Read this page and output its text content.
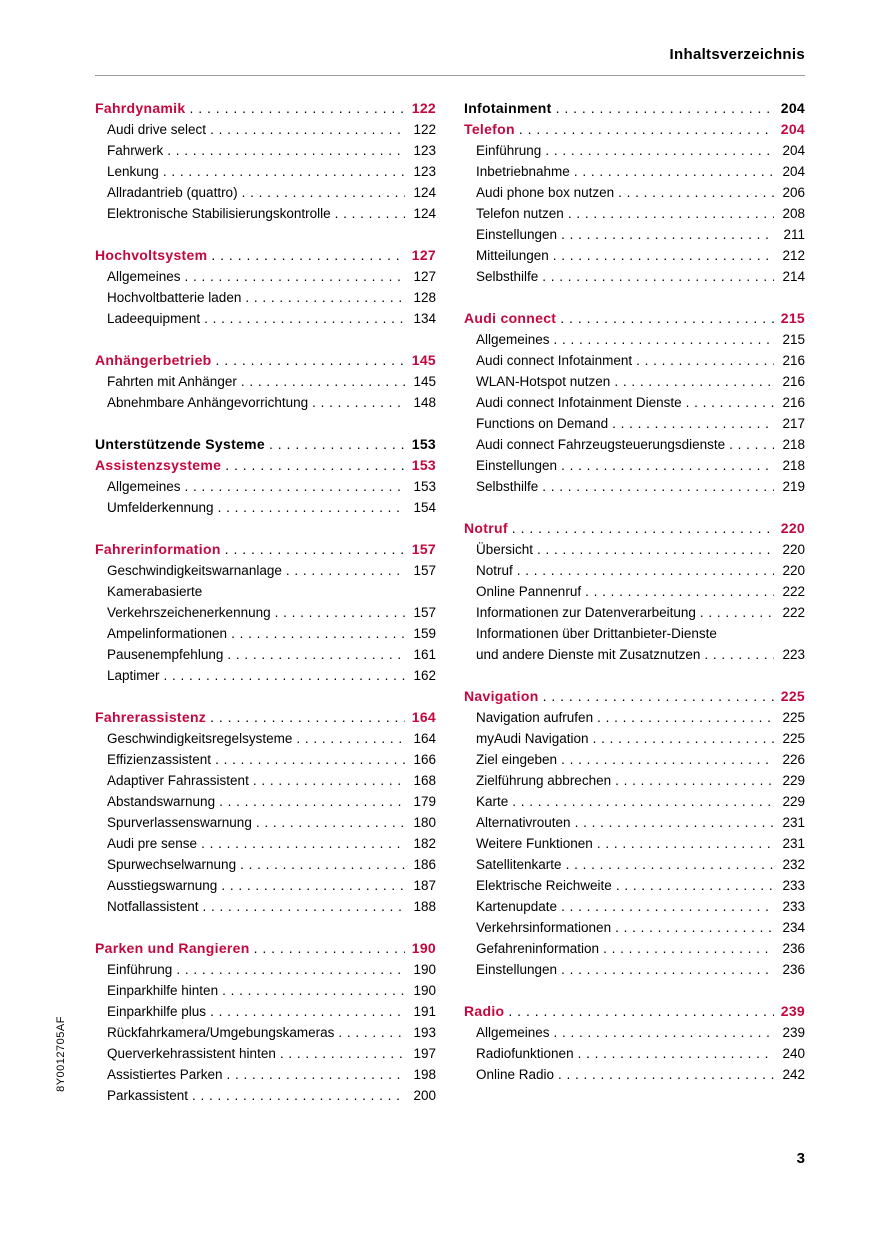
Inhaltsverzeichnis
Fahrdynamik . . .	122
Audi drive select . . .	122
Fahrwerk . . .	123
Lenkung . . .	123
Allradantrieb (quattro) . . .	124
Elektronische Stabilisierungskontrolle . . .	124
Hochvoltsystem . . .	127
Allgemeines . . .	127
Hochvoltbatterie laden . . .	128
Ladeequipment . . .	134
Anhängerbetrieb . . .	145
Fahrten mit Anhänger . . .	145
Abnehmbare Anhängevorrichtung . . .	148
Unterstützende Systeme . . .	153
Assistenzsysteme . . .	153
Allgemeines . . .	153
Umfelderkennung . . .	154
Fahrerinformation . . .	157
Geschwindigkeitswarnanlage . . .	157
Kamerabasierte
Verkehrszeichenerkennung . . .	157
Ampelinformationen . . .	159
Pausenempfehlung . . .	161
Laptimer . . .	162
Fahrerassistenz . . .	164
Geschwindigkeitsregelsysteme . . .	164
Effizienzassistent . . .	166
Adaptiver Fahrassistent . . .	168
Abstandswarnung . . .	179
Spurverlassenswarnung . . .	180
Audi pre sense . . .	182
Spurwechselwarnung . . .	186
Ausstiegswarnung . . .	187
Notfallassistent . . .	188
Parken und Rangieren . . .	190
Einführung . . .	190
Einparkhilfe hinten . . .	190
Einparkhilfe plus . . .	191
Rückfahrkamera/Umgebungskameras . . .	193
Querverkehrassistent hinten . . .	197
Assistiertes Parken . . .	198
Parkassistent . . .	200
Infotainment . . .	204
Telefon . . .	204
Einführung . . .	204
Inbetriebnahme . . .	204
Audi phone box nutzen . . .	206
Telefon nutzen . . .	208
Einstellungen . . .	211
Mitteilungen . . .	212
Selbsthilfe . . .	214
Audi connect . . .	215
Allgemeines . . .	215
Audi connect Infotainment . . .	216
WLAN-Hotspot nutzen . . .	216
Audi connect Infotainment Dienste . . .	216
Functions on Demand . . .	217
Audi connect Fahrzeugsteuerungsdienste . . .	218
Einstellungen . . .	218
Selbsthilfe . . .	219
Notruf . . .	220
Übersicht . . .	220
Notruf . . .	220
Online Pannenruf . . .	222
Informationen zur Datenverarbeitung . . .	222
Informationen über Drittanbieter-Dienste
und andere Dienste mit Zusatznutzen . . .	223
Navigation . . .	225
Navigation aufrufen . . .	225
myAudi Navigation . . .	225
Ziel eingeben . . .	226
Zielführung abbrechen . . .	229
Karte . . .	229
Alternativrouten . . .	231
Weitere Funktionen . . .	231
Satellitenkarte . . .	232
Elektrische Reichweite . . .	233
Kartenupdate . . .	233
Verkehrsinformationen . . .	234
Gefahreninformation . . .	236
Einstellungen . . .	236
Radio . . .	239
Allgemeines . . .	239
Radiofunktionen . . .	240
Online Radio . . .	242
8Y0012705AF
3
